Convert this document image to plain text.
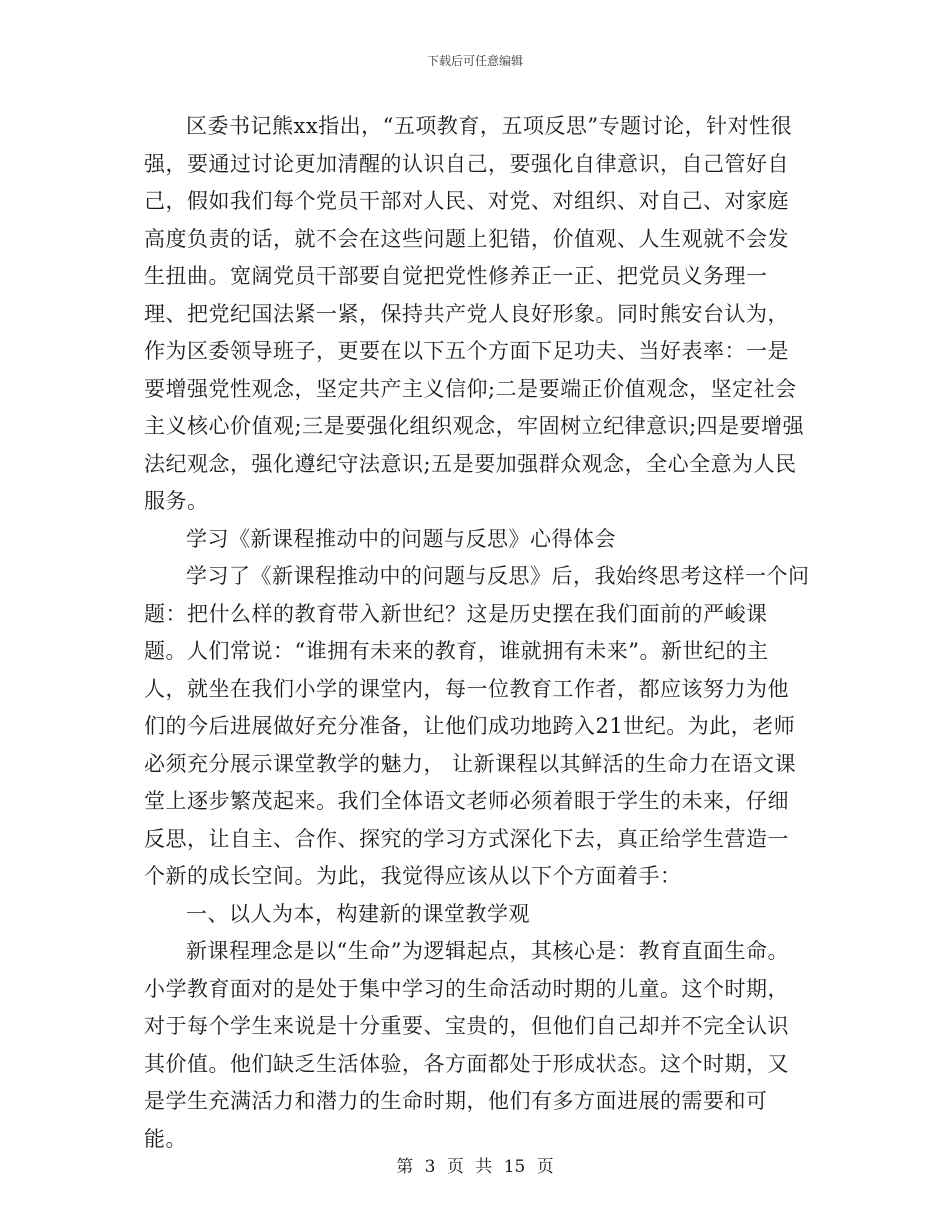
下载后可任意编辑

区委书记熊xx指出，“五项教育，五项反思”专题讨论，针对性很强，要通过讨论更加清醒的认识自己，要强化自律意识，自己管好自己，假如我们每个党员干部对人民、对党、对组织、对自己、对家庭高度负责的话，就不会在这些问题上犯错，价值观、人生观就不会发生扭曲。宽阔党员干部要自觉把党性修养正一正、把党员义务理一理、把党纪国法紧一紧，保持共产党人良好形象。同时熊安台认为，作为区委领导班子，更要在以下五个方面下足功夫、当好表率：一是要增强党性观念，坚定共产主义信仰;二是要端正价值观念，坚定社会主义核心价值观;三是要强化组织观念，牢固树立纪律意识;四是要增强法纪观念，强化遵纪守法意识;五是要加强群众观念，全心全意为人民服务。

学习《新课程推动中的问题与反思》心得体会

学习了《新课程推动中的问题与反思》后，我始终思考这样一个问题：把什么样的教育带入新世纪？这是历史摆在我们面前的严峻课题。人们常说：“谁拥有未来的教育，谁就拥有未来”。新世纪的主人，就坐在我们小学的课堂内，每一位教育工作者，都应该努力为他们的今后进展做好充分准备，让他们成功地跨入21世纪。为此，老师必须充分展示课堂教学的魅力， 让新课程以其鲜活的生命力在语文课堂上逐步繁茂起来。我们全体语文老师必须着眼于学生的未来，仔细反思，让自主、合作、探究的学习方式深化下去，真正给学生营造一个新的成长空间。为此，我觉得应该从以下个方面着手：

一、以人为本，构建新的课堂教学观

新课程理念是以“生命”为逻辑起点，其核心是：教育直面生命。小学教育面对的是处于集中学习的生命活动时期的儿童。这个时期，对于每个学生来说是十分重要、宝贵的，但他们自己却并不完全认识其价值。他们缺乏生活体验，各方面都处于形成状态。这个时期，又是学生充满活力和潜力的生命时期，他们有多方面进展的需要和可能。

第 3 页 共 15 页
